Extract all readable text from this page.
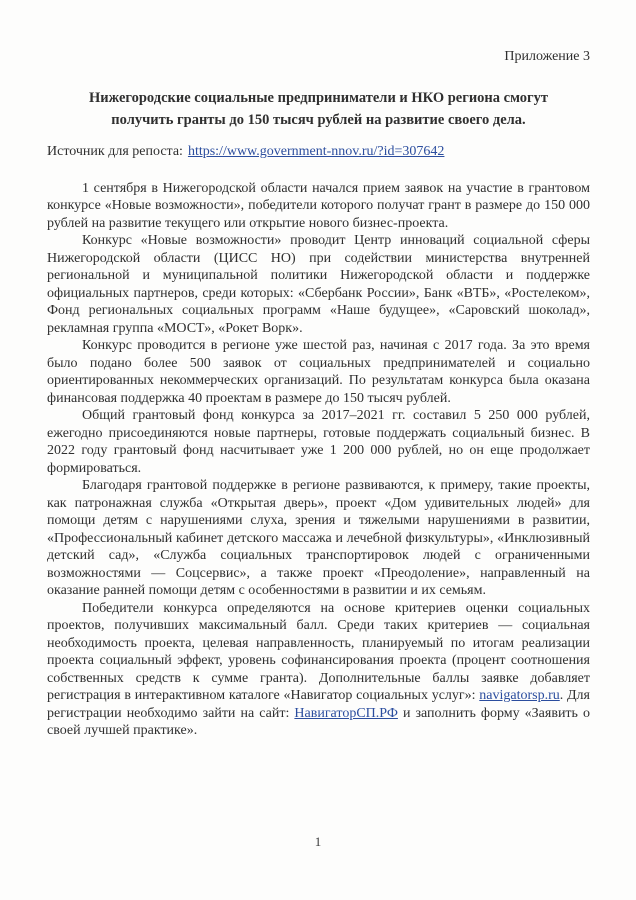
Приложение 3
Нижегородские социальные предприниматели и НКО региона смогут
получить гранты до 150 тысяч рублей на развитие своего дела.
Источник для репоста: https://www.government-nnov.ru/?id=307642

1 сентября в Нижегородской области начался прием заявок на участие в грантовом конкурсе «Новые возможности», победители которого получат грант в размере до 150 000 рублей на развитие текущего или открытие нового бизнес-проекта.

Конкурс «Новые возможности» проводит Центр инноваций социальной сферы Нижегородской области (ЦИСС НО) при содействии министерства внутренней региональной и муниципальной политики Нижегородской области и поддержке официальных партнеров, среди которых: «Сбербанк России», Банк «ВТБ», «Ростелеком», Фонд региональных социальных программ «Наше будущее», «Саровский шоколад», рекламная группа «МОСТ», «Рокет Ворк».

Конкурс проводится в регионе уже шестой раз, начиная с 2017 года. За это время было подано более 500 заявок от социальных предпринимателей и социально ориентированных некоммерческих организаций. По результатам конкурса была оказана финансовая поддержка 40 проектам в размере до 150 тысяч рублей.

Общий грантовый фонд конкурса за 2017–2021 гг. составил 5 250 000 рублей, ежегодно присоединяются новые партнеры, готовые поддержать социальный бизнес. В 2022 году грантовый фонд насчитывает уже 1 200 000 рублей, но он еще продолжает формироваться.

Благодаря грантовой поддержке в регионе развиваются, к примеру, такие проекты, как патронажная служба «Открытая дверь», проект «Дом удивительных людей» для помощи детям с нарушениями слуха, зрения и тяжелыми нарушениями в развитии, «Профессиональный кабинет детского массажа и лечебной физкультуры», «Инклюзивный детский сад», «Служба социальных транспортировок людей с ограниченными возможностями — Соцсервис», а также проект «Преодоление», направленный на оказание ранней помощи детям с особенностями в развитии и их семьям.

Победители конкурса определяются на основе критериев оценки социальных проектов, получивших максимальный балл. Среди таких критериев — социальная необходимость проекта, целевая направленность, планируемый по итогам реализации проекта социальный эффект, уровень софинансирования проекта (процент соотношения собственных средств к сумме гранта). Дополнительные баллы заявке добавляет регистрация в интерактивном каталоге «Навигатор социальных услуг»: navigatorsp.ru. Для регистрации необходимо зайти на сайт: НавигаторСП.РФ и заполнить форму «Заявить о своей лучшей практике».

1
